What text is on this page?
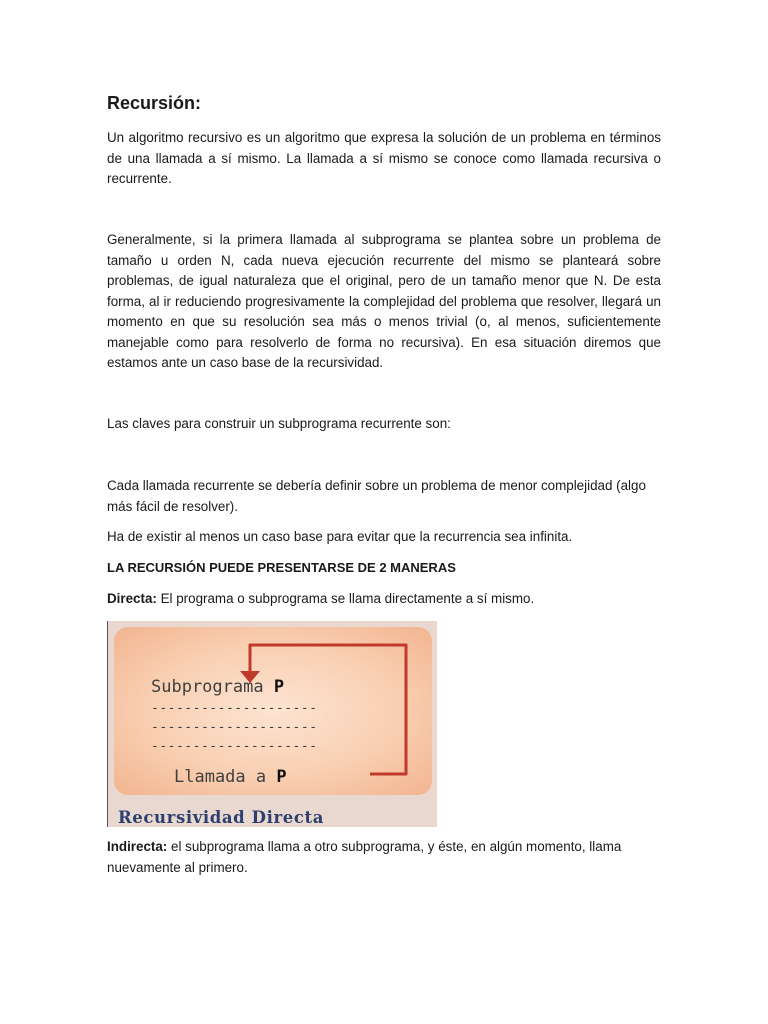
Recursión:

Un algoritmo recursivo es un algoritmo que expresa la solución de un problema en términos de una llamada a sí mismo. La llamada a sí mismo se conoce como llamada recursiva o recurrente.

Generalmente, si la primera llamada al subprograma se plantea sobre un problema de tamaño u orden N, cada nueva ejecución recurrente del mismo se planteará sobre problemas, de igual naturaleza que el original, pero de un tamaño menor que N. De esta forma, al ir reduciendo progresivamente la complejidad del problema que resolver, llegará un momento en que su resolución sea más o menos trivial (o, al menos, suficientemente manejable como para resolverlo de forma no recursiva). En esa situación diremos que estamos ante un caso base de la recursividad.

Las claves para construir un subprograma recurrente son:

Cada llamada recurrente se debería definir sobre un problema de menor complejidad (algo más fácil de resolver).

Ha de existir al menos un caso base para evitar que la recurrencia sea infinita.

LA RECURSIÓN PUEDE PRESENTARSE DE 2 MANERAS

Directa: El programa o subprograma se llama directamente a sí mismo.

Subprograma P
--------------------
--------------------
--------------------
Llamada a P
Recursividad Directa

Indirecta: el subprograma llama a otro subprograma, y éste, en algún momento, llama nuevamente al primero.
